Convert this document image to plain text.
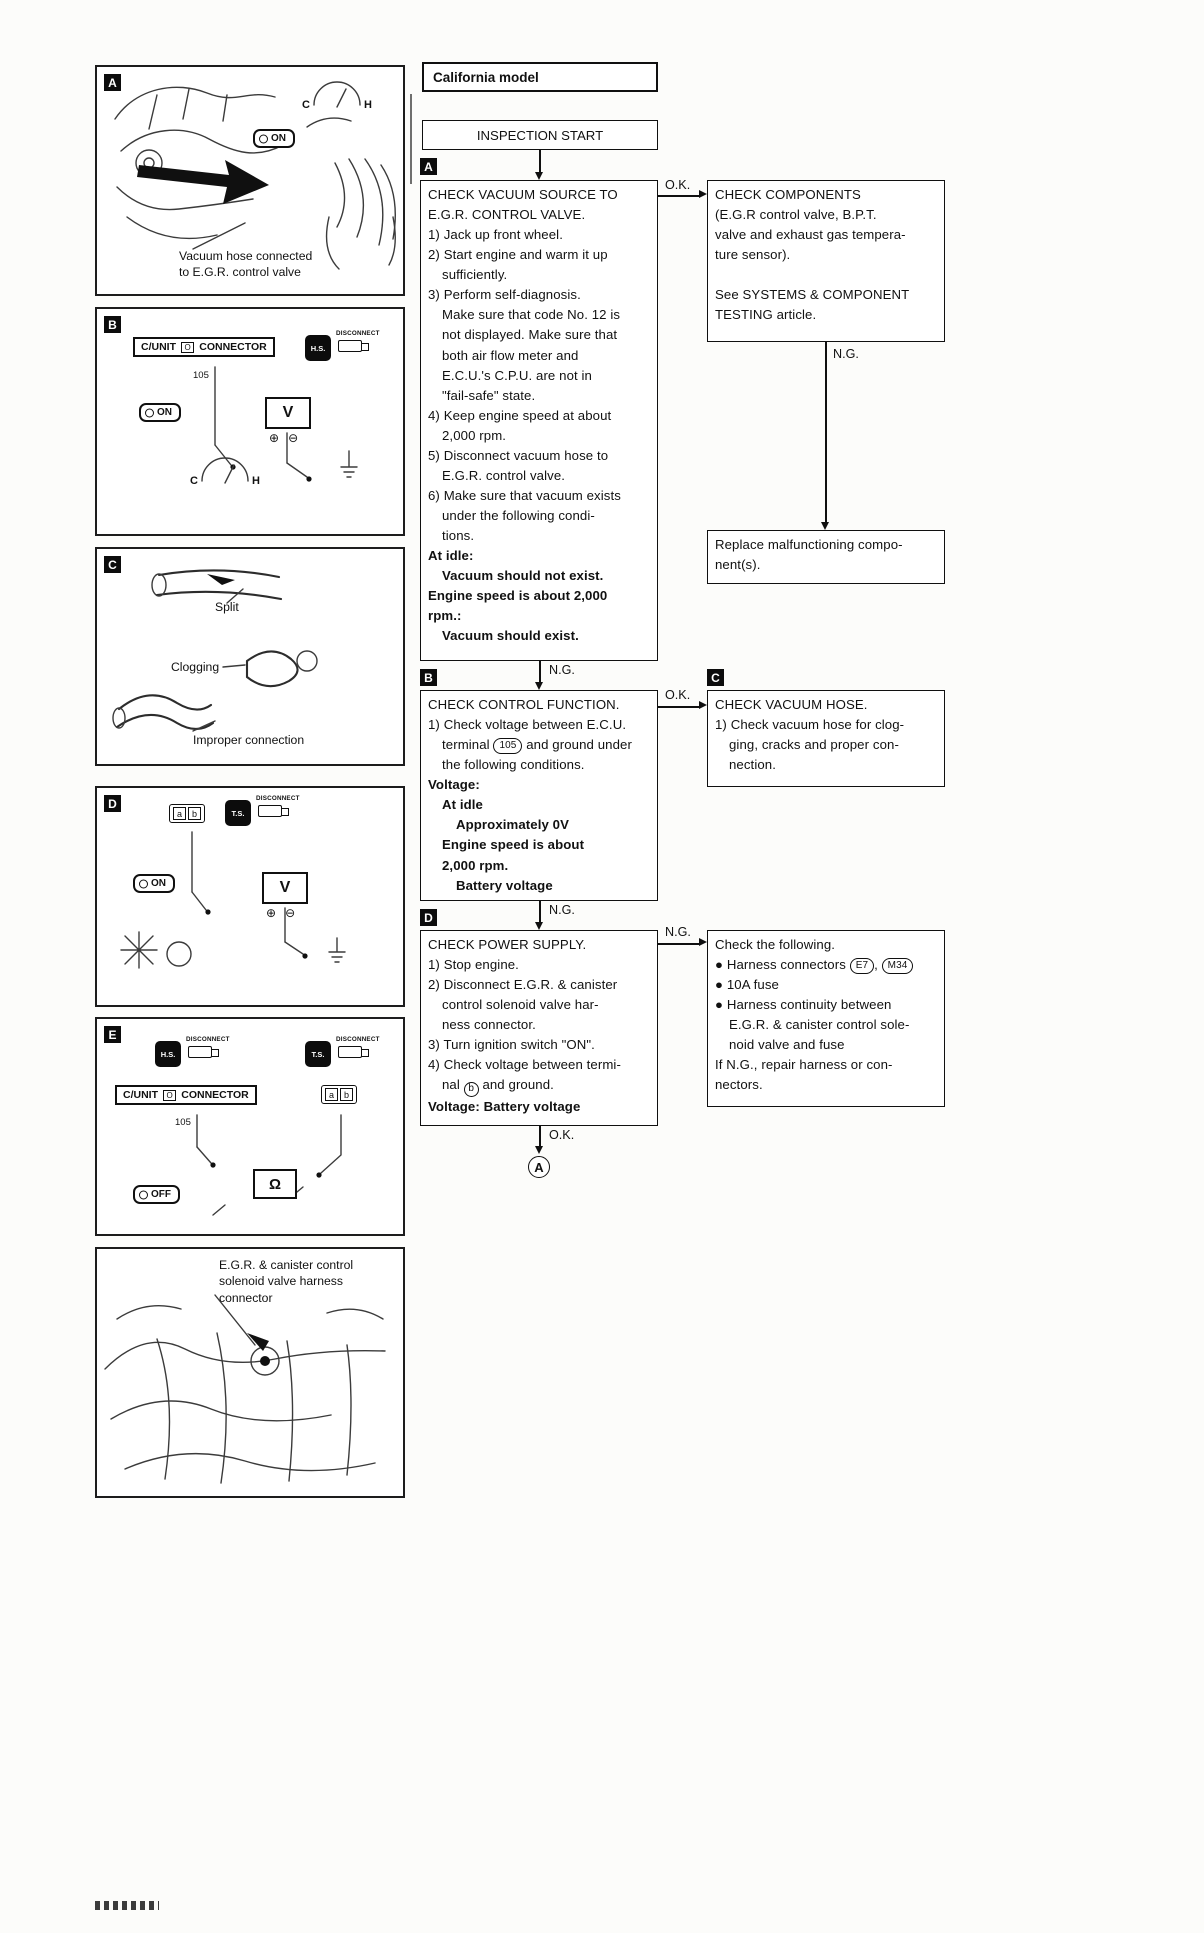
A
ON
C	H
Vacuum hose connected
to E.G.R. control valve
B
C/UNIT	O CONNECTOR
105
H.S.
DISCONNECT
ON
C	H
V
⊕ ⊖
C
Split
Clogging
Improper connection
D
a	b	T.S.
DISCONNECT
ON	V
⊕ ⊖
E
H.S.
DISCONNECT
T.S.
DISCONNECT
C/UNIT	O CONNECTOR
105
a	b
Ω
OFF
E.G.R. & canister control
solenoid valve harness
connector
California model
INSPECTION START
A
CHECK VACUUM SOURCE TO
E.G.R. CONTROL VALVE.
1) Jack up front wheel.
2) Start engine and warm it up
sufficiently.
3) Perform self-diagnosis.
Make sure that code No. 12 is
not displayed. Make sure that
both air flow meter and
E.C.U.'s C.P.U. are not in
"fail-safe" state.
4) Keep engine speed at about
2,000 rpm.
5) Disconnect vacuum hose to
E.G.R. control valve.
6) Make sure that vacuum exists
under the following condi-
tions.
At idle:
Vacuum should not exist.
Engine speed is about 2,000
rpm.:
Vacuum should exist.
O.K.
CHECK COMPONENTS
(E.G.R control valve, B.P.T.
valve and exhaust gas tempera-
ture sensor).

See SYSTEMS & COMPONENT
TESTING article.
N.G.
Replace malfunctioning compo-
nent(s).
N.G.
B
CHECK CONTROL FUNCTION.
1) Check voltage between E.C.U.
terminal 105 and ground under
the following conditions.
Voltage:
At idle
Approximately 0V
Engine speed is about
2,000 rpm.
Battery voltage
O.K.
C
CHECK VACUUM HOSE.
1) Check vacuum hose for clog-
ging, cracks and proper con-
nection.
N.G.
D
CHECK POWER SUPPLY.
1) Stop engine.
2) Disconnect E.G.R. & canister
control solenoid valve har-
ness connector.
3) Turn ignition switch "ON".
4) Check voltage between termi-
nal b and ground.
Voltage: Battery voltage
N.G.
Check the following.
● Harness connectors E7 , M34
● 10A fuse
● Harness continuity between
E.G.R. & canister control sole-
noid valve and fuse
If N.G., repair harness or con-
nectors.
O.K.
A
